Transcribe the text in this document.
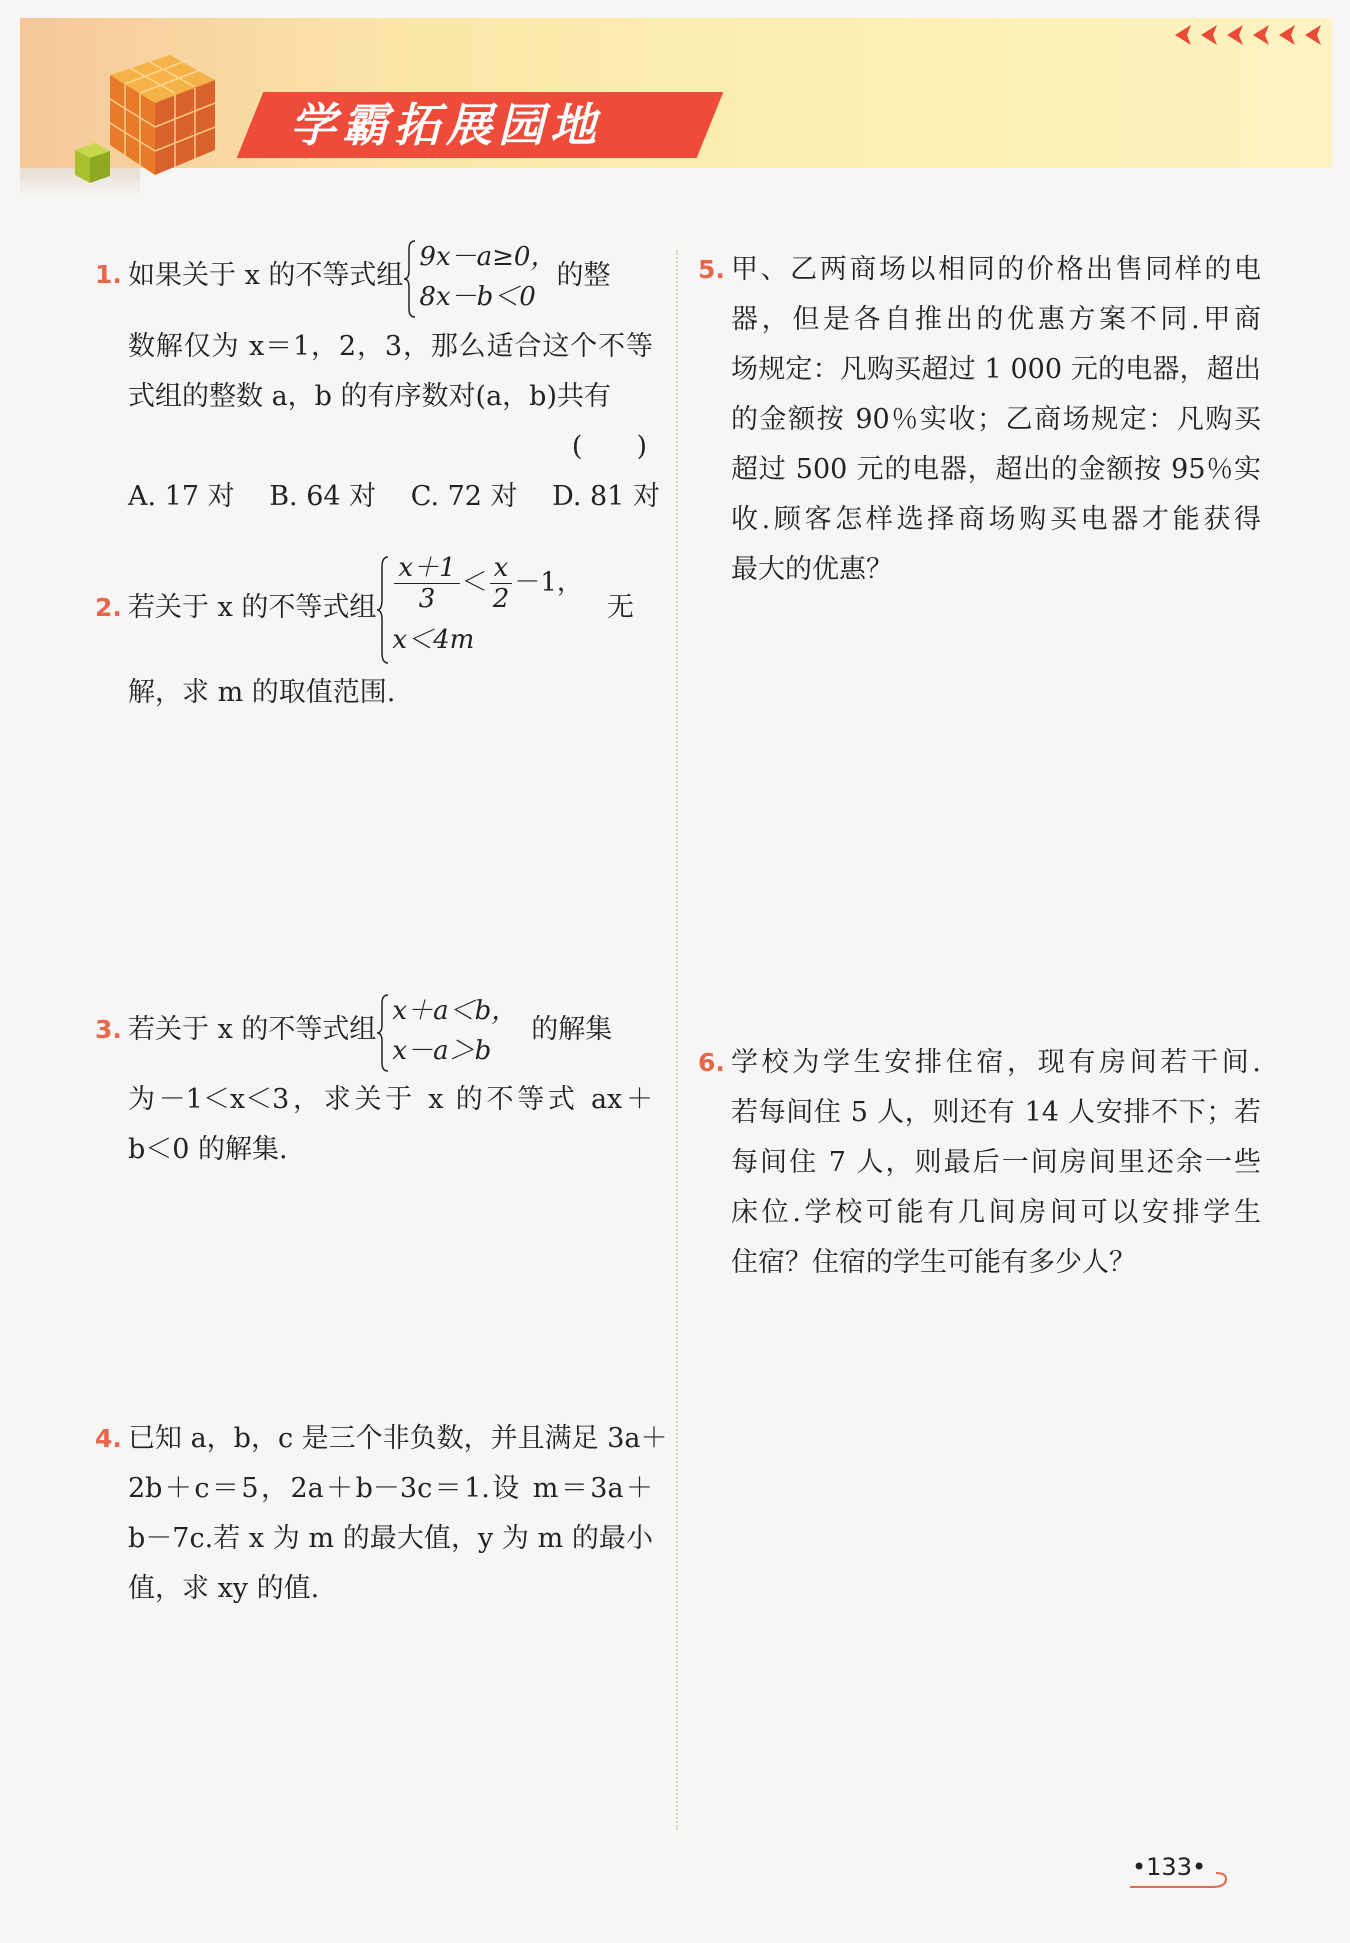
学霸拓展园地
1. 如果关于 x 的不等式组
9x－a≥0，
8x－b＜0
的整
数解仅为 x＝1，2，3，那么适合这个不等
式组的整数 a，b 的有序数对(a，b)共有
(　　)
A. 17 对 B. 64 对 C. 72 对 D. 81 对
2. 若关于 x 的不等式组 $\frac{x+1}{3} < \frac{x}{2} -1$，
x＜4m
无
解，求 m 的取值范围.
3. 若关于 x 的不等式组
x＋a＜b，
x－a＞b
的解集
为－1＜x＜3，求关于 x 的不等式 ax＋
b＜0 的解集.
4. 已知 a，b，c 是三个非负数，并且满足 3a＋
2b＋c＝5，2a＋b－3c＝1.设 m＝3a＋
b－7c.若 x 为 m 的最大值，y 为 m 的最小
值，求 xy 的值.
5. 甲、乙两商场以相同的价格出售同样的电
器，但是各自推出的优惠方案不同.甲商
场规定：凡购买超过 1 000 元的电器，超出
的金额按 90％实收；乙商场规定：凡购买
超过 500 元的电器，超出的金额按 95％实
收.顾客怎样选择商场购买电器才能获得
最大的优惠？
6. 学校为学生安排住宿，现有房间若干间.
若每间住 5 人，则还有 14 人安排不下；若
每间住 7 人，则最后一间房间里还余一些
床位.学校可能有几间房间可以安排学生
住宿？住宿的学生可能有多少人？
•133•
